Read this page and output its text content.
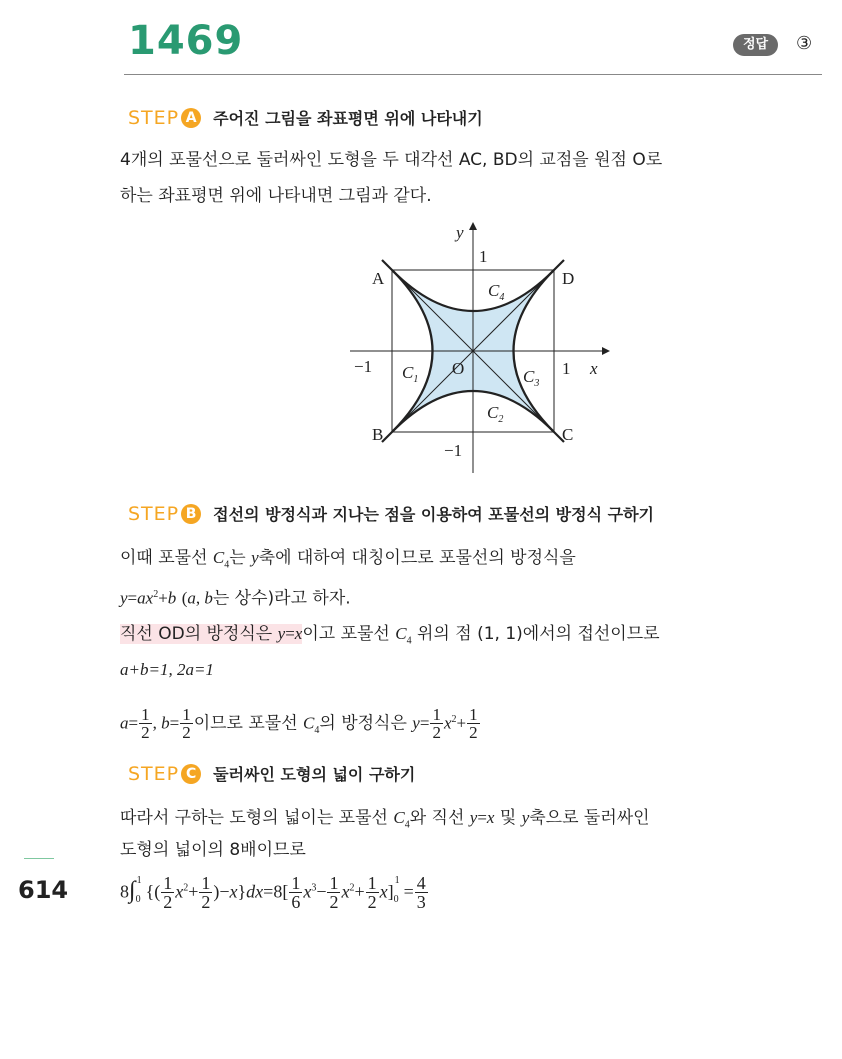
1469	정답	③
STEP A 주어진 그림을 좌표평면 위에 나타내기
4개의 포물선으로 둘러싸인 도형을 두 대각선 AC, BD의 교점을 원점 O로
하는 좌표평면 위에 나타내면 그림과 같다.
y
x
1
1
−1
−1
O
A
B	C
D
$C_1$
$C_2$
$C_3$
$C_4$
STEP B 접선의 방정식과 지나는 점을 이용하여 포물선의 방정식 구하기
이때 포물선 $C_4$는 y축에 대하여 대칭이므로 포물선의 방정식을
$y=ax^2+b$ (a, b는 상수)라고 하자.
직선 OD의 방정식은 y=x이고 포물선 $C_4$ 위의 점 (1, 1)에서의 접선이므로
a+b=1, 2a=1
$a= \frac{1}{2}$ , $b= \frac{1}{2}$ 이므로 포물선 $C_4$의 방정식은 $y= \frac{1}{2} x^2+ \frac{1}{2}$
STEP C	둘러싸인 도형의 넓이 구하기
따라서 구하는 도형의 넓이는 포물선 $C_4$와 직선 y=x 및 y축으로 둘러싸인
도형의 넓이의 8배이므로
$8\int_0^1\{( \frac{1}{2} x^2+ \frac{1}{2} )-x\}dx=8[ \frac{1}{6} x^3- \frac{1}{2} x^2+ \frac{1}{2} x]_0^1= \frac{4}{3}$
614
